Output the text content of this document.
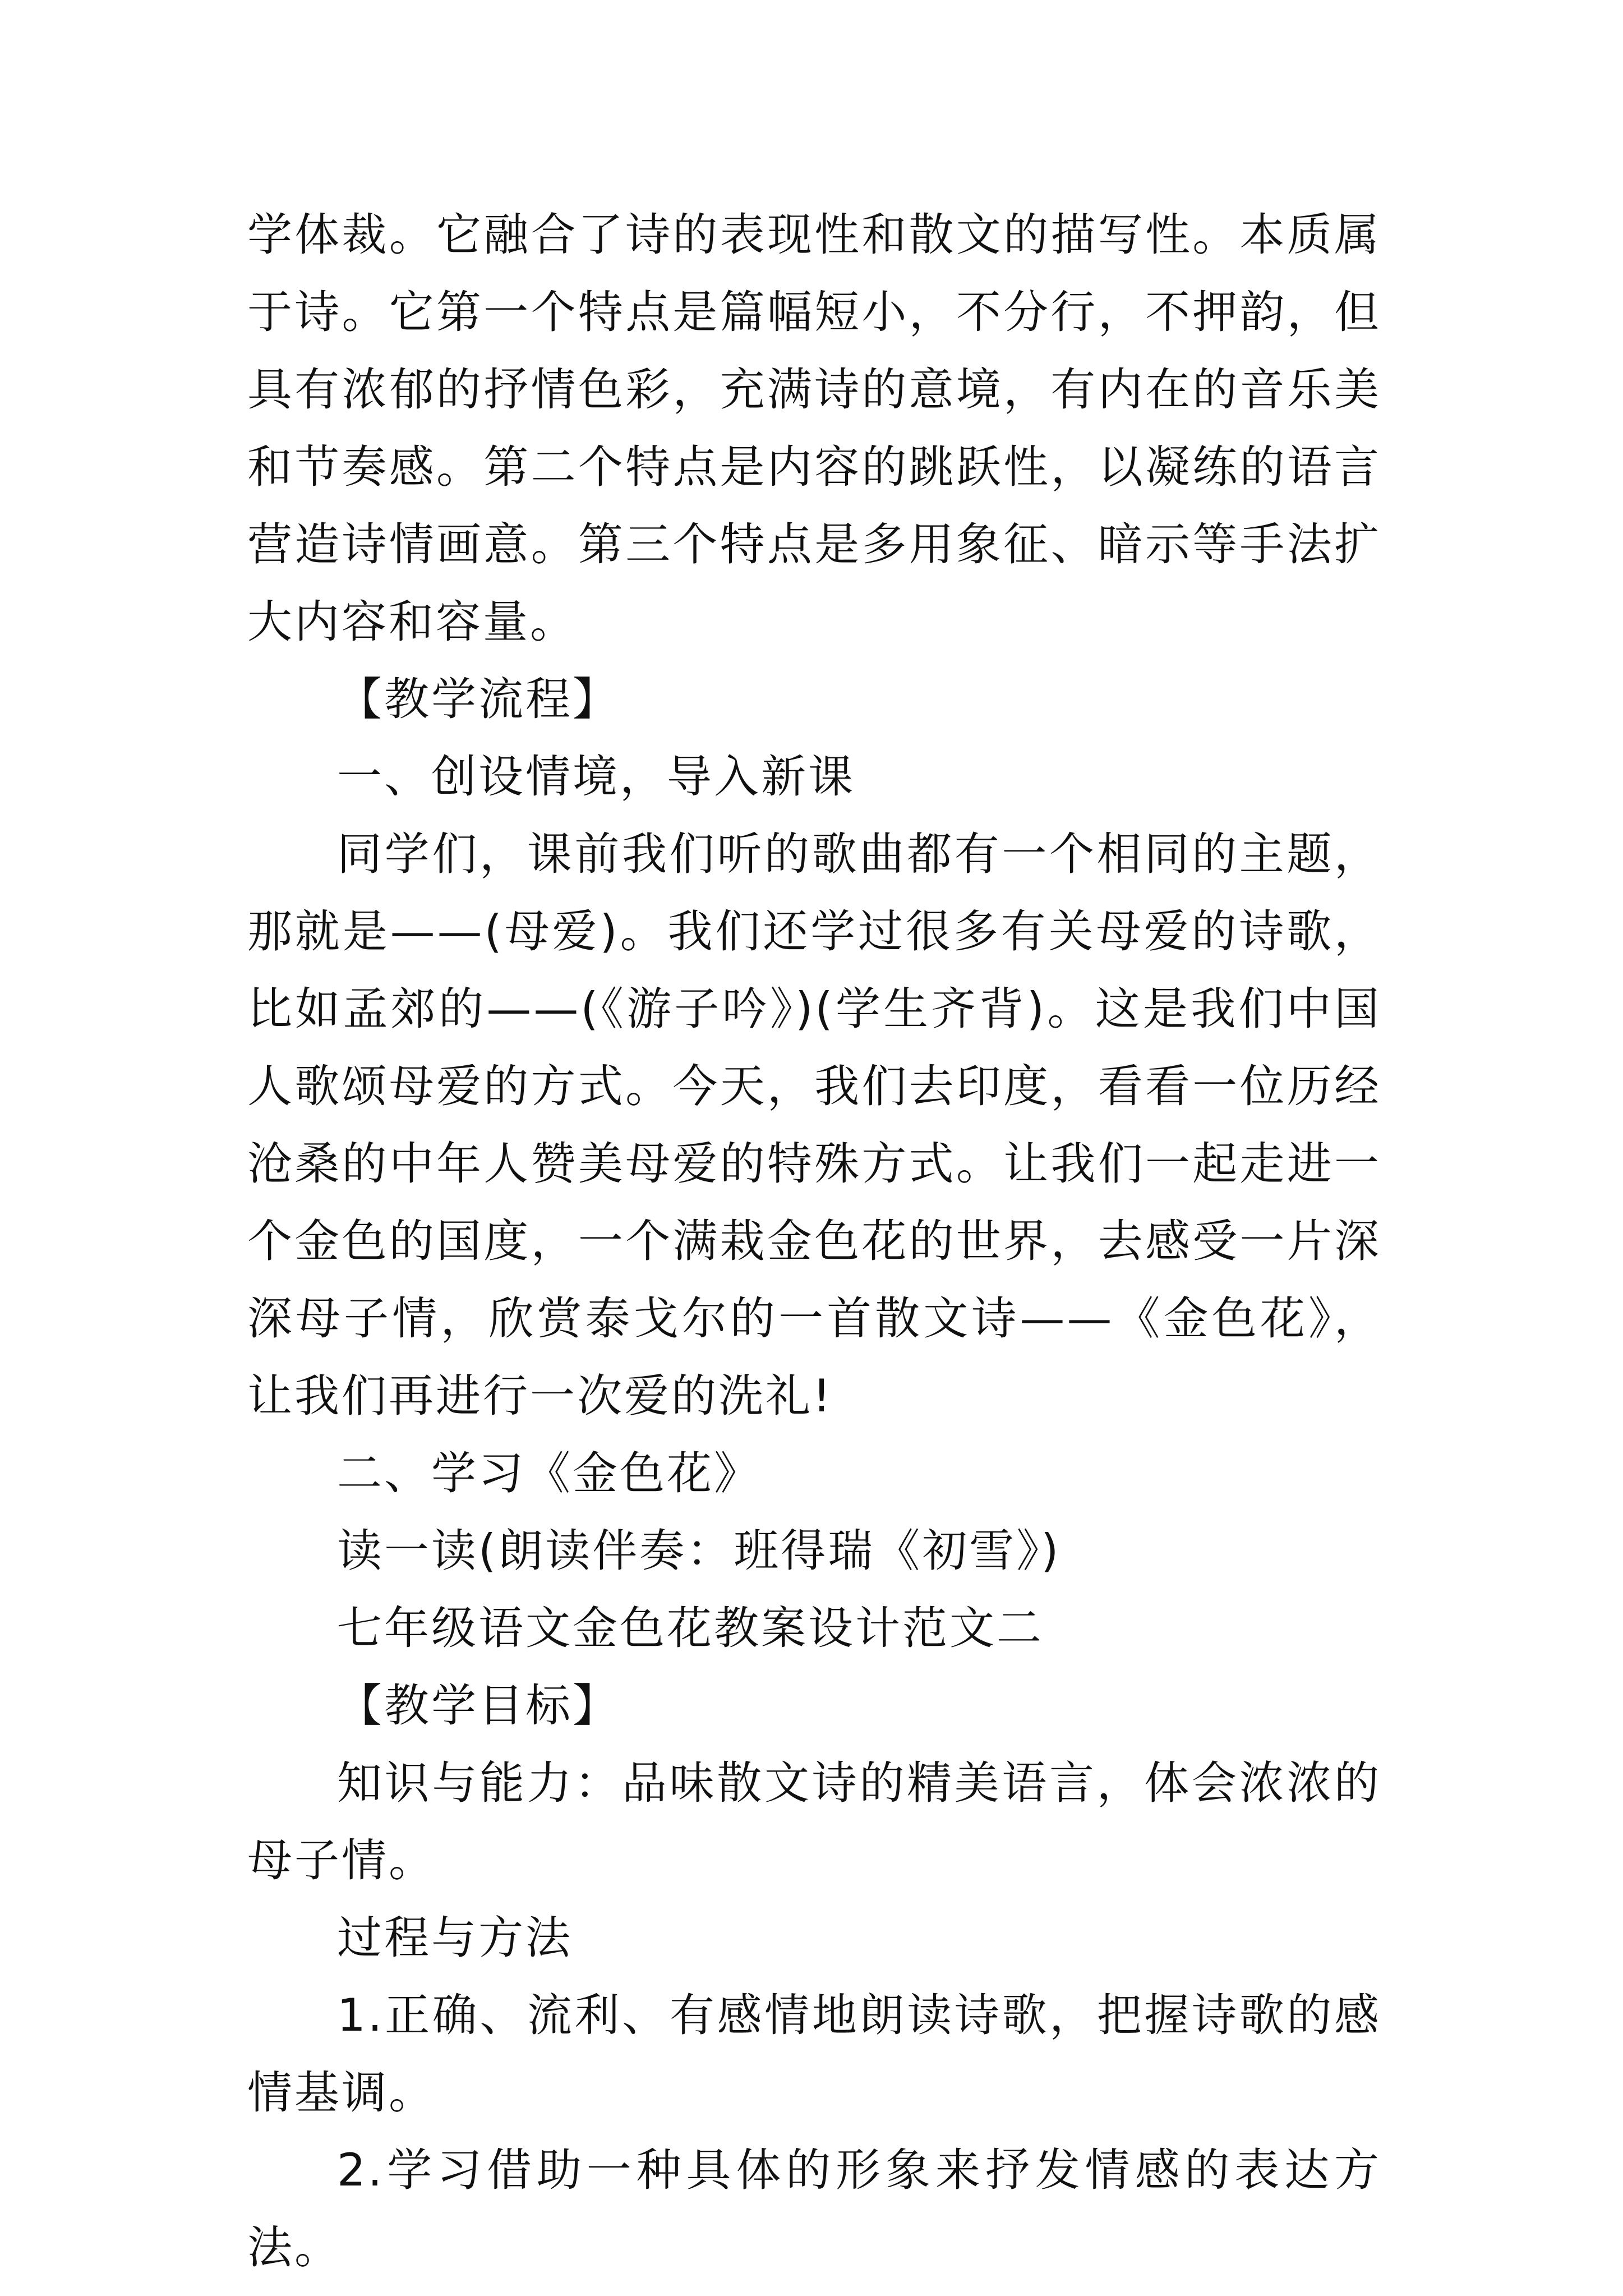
学体裁。它融合了诗的表现性和散文的描写性。本质属于诗。它第一个特点是篇幅短小，不分行，不押韵，但具有浓郁的抒情色彩，充满诗的意境，有内在的音乐美和节奏感。第二个特点是内容的跳跃性，以凝练的语言营造诗情画意。第三个特点是多用象征、暗示等手法扩大内容和容量。

【教学流程】

一、创设情境，导入新课

同学们，课前我们听的歌曲都有一个相同的主题，那就是——(母爱)。我们还学过很多有关母爱的诗歌，比如孟郊的——(《游子吟》)(学生齐背)。这是我们中国人歌颂母爱的方式。今天，我们去印度，看看一位历经沧桑的中年人赞美母爱的特殊方式。让我们一起走进一个金色的国度，一个满栽金色花的世界，去感受一片深深母子情，欣赏泰戈尔的一首散文诗——《金色花》，让我们再进行一次爱的洗礼!

二、学习《金色花》

读一读(朗读伴奏：班得瑞《初雪》)

七年级语文金色花教案设计范文二

【教学目标】

知识与能力：品味散文诗的精美语言，体会浓浓的母子情。

过程与方法

1.正确、流利、有感情地朗读诗歌，把握诗歌的感情基调。

2.学习借助一种具体的形象来抒发情感的表达方法。
